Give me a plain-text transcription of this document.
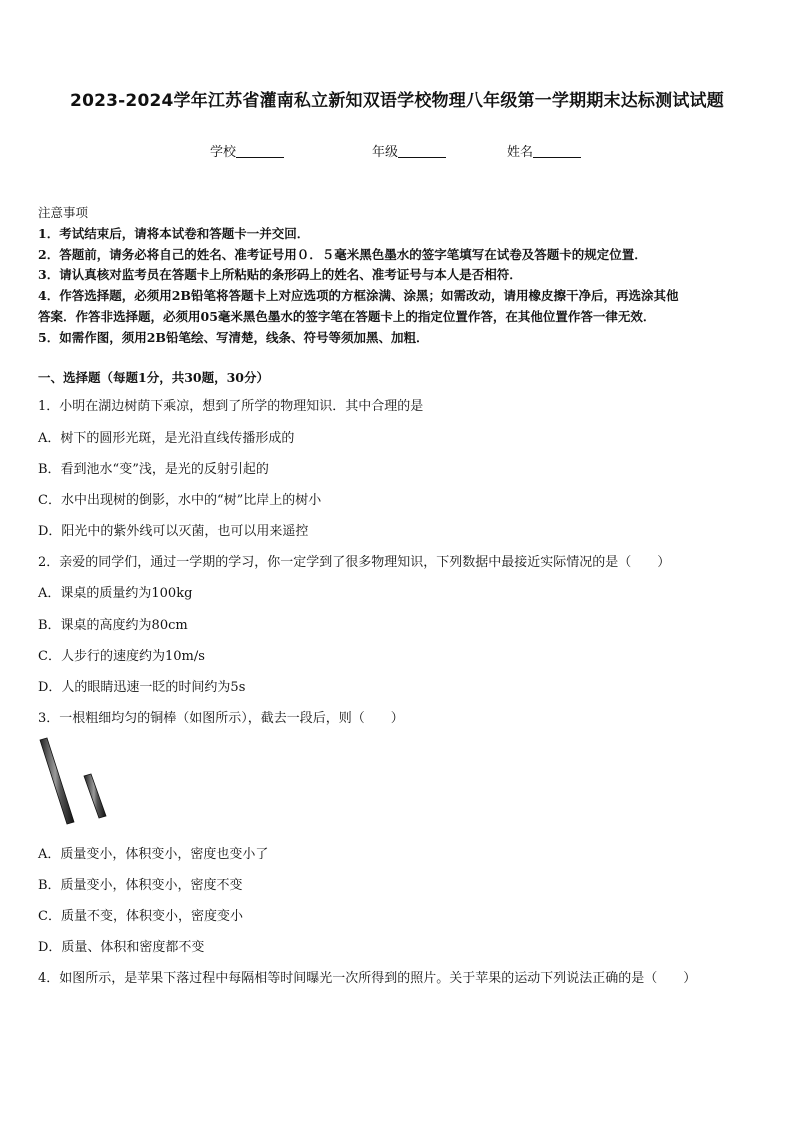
2023-2024学年江苏省灌南私立新知双语学校物理八年级第一学期期末达标测试试题
学校	年级	姓名
注意事项
1．考试结束后，请将本试卷和答题卡一并交回．
2．答题前，请务必将自己的姓名、准考证号用０．５毫米黑色墨水的签字笔填写在试卷及答题卡的规定位置．
3．请认真核对监考员在答题卡上所粘贴的条形码上的姓名、准考证号与本人是否相符．
4．作答选择题，必须用2B铅笔将答题卡上对应选项的方框涂满、涂黑；如需改动，请用橡皮擦干净后，再选涂其他
答案．作答非选择题，必须用05毫米黑色墨水的签字笔在答题卡上的指定位置作答，在其他位置作答一律无效．
5．如需作图，须用2B铅笔绘、写清楚，线条、符号等须加黑、加粗．
一、选择题（每题1分，共30题，30分）
1．小明在湖边树荫下乘凉，想到了所学的物理知识．其中合理的是
A．树下的圆形光斑，是光沿直线传播形成的
B．看到池水“变”浅，是光的反射引起的
C．水中出现树的倒影，水中的“树”比岸上的树小
D．阳光中的紫外线可以灭菌，也可以用来遥控
2．亲爱的同学们，通过一学期的学习，你一定学到了很多物理知识，下列数据中最接近实际情况的是（　　）
A．课桌的质量约为100kg
B．课桌的高度约为80cm
C．人步行的速度约为10m/s
D．人的眼睛迅速一眨的时间约为5s
3．一根粗细均匀的铜棒（如图所示），截去一段后，则（　　）
A．质量变小，体积变小，密度也变小了
B．质量变小，体积变小，密度不变
C．质量不变，体积变小，密度变小
D．质量、体积和密度都不变
4．如图所示，是苹果下落过程中每隔相等时间曝光一次所得到的照片。关于苹果的运动下列说法正确的是（　　）
